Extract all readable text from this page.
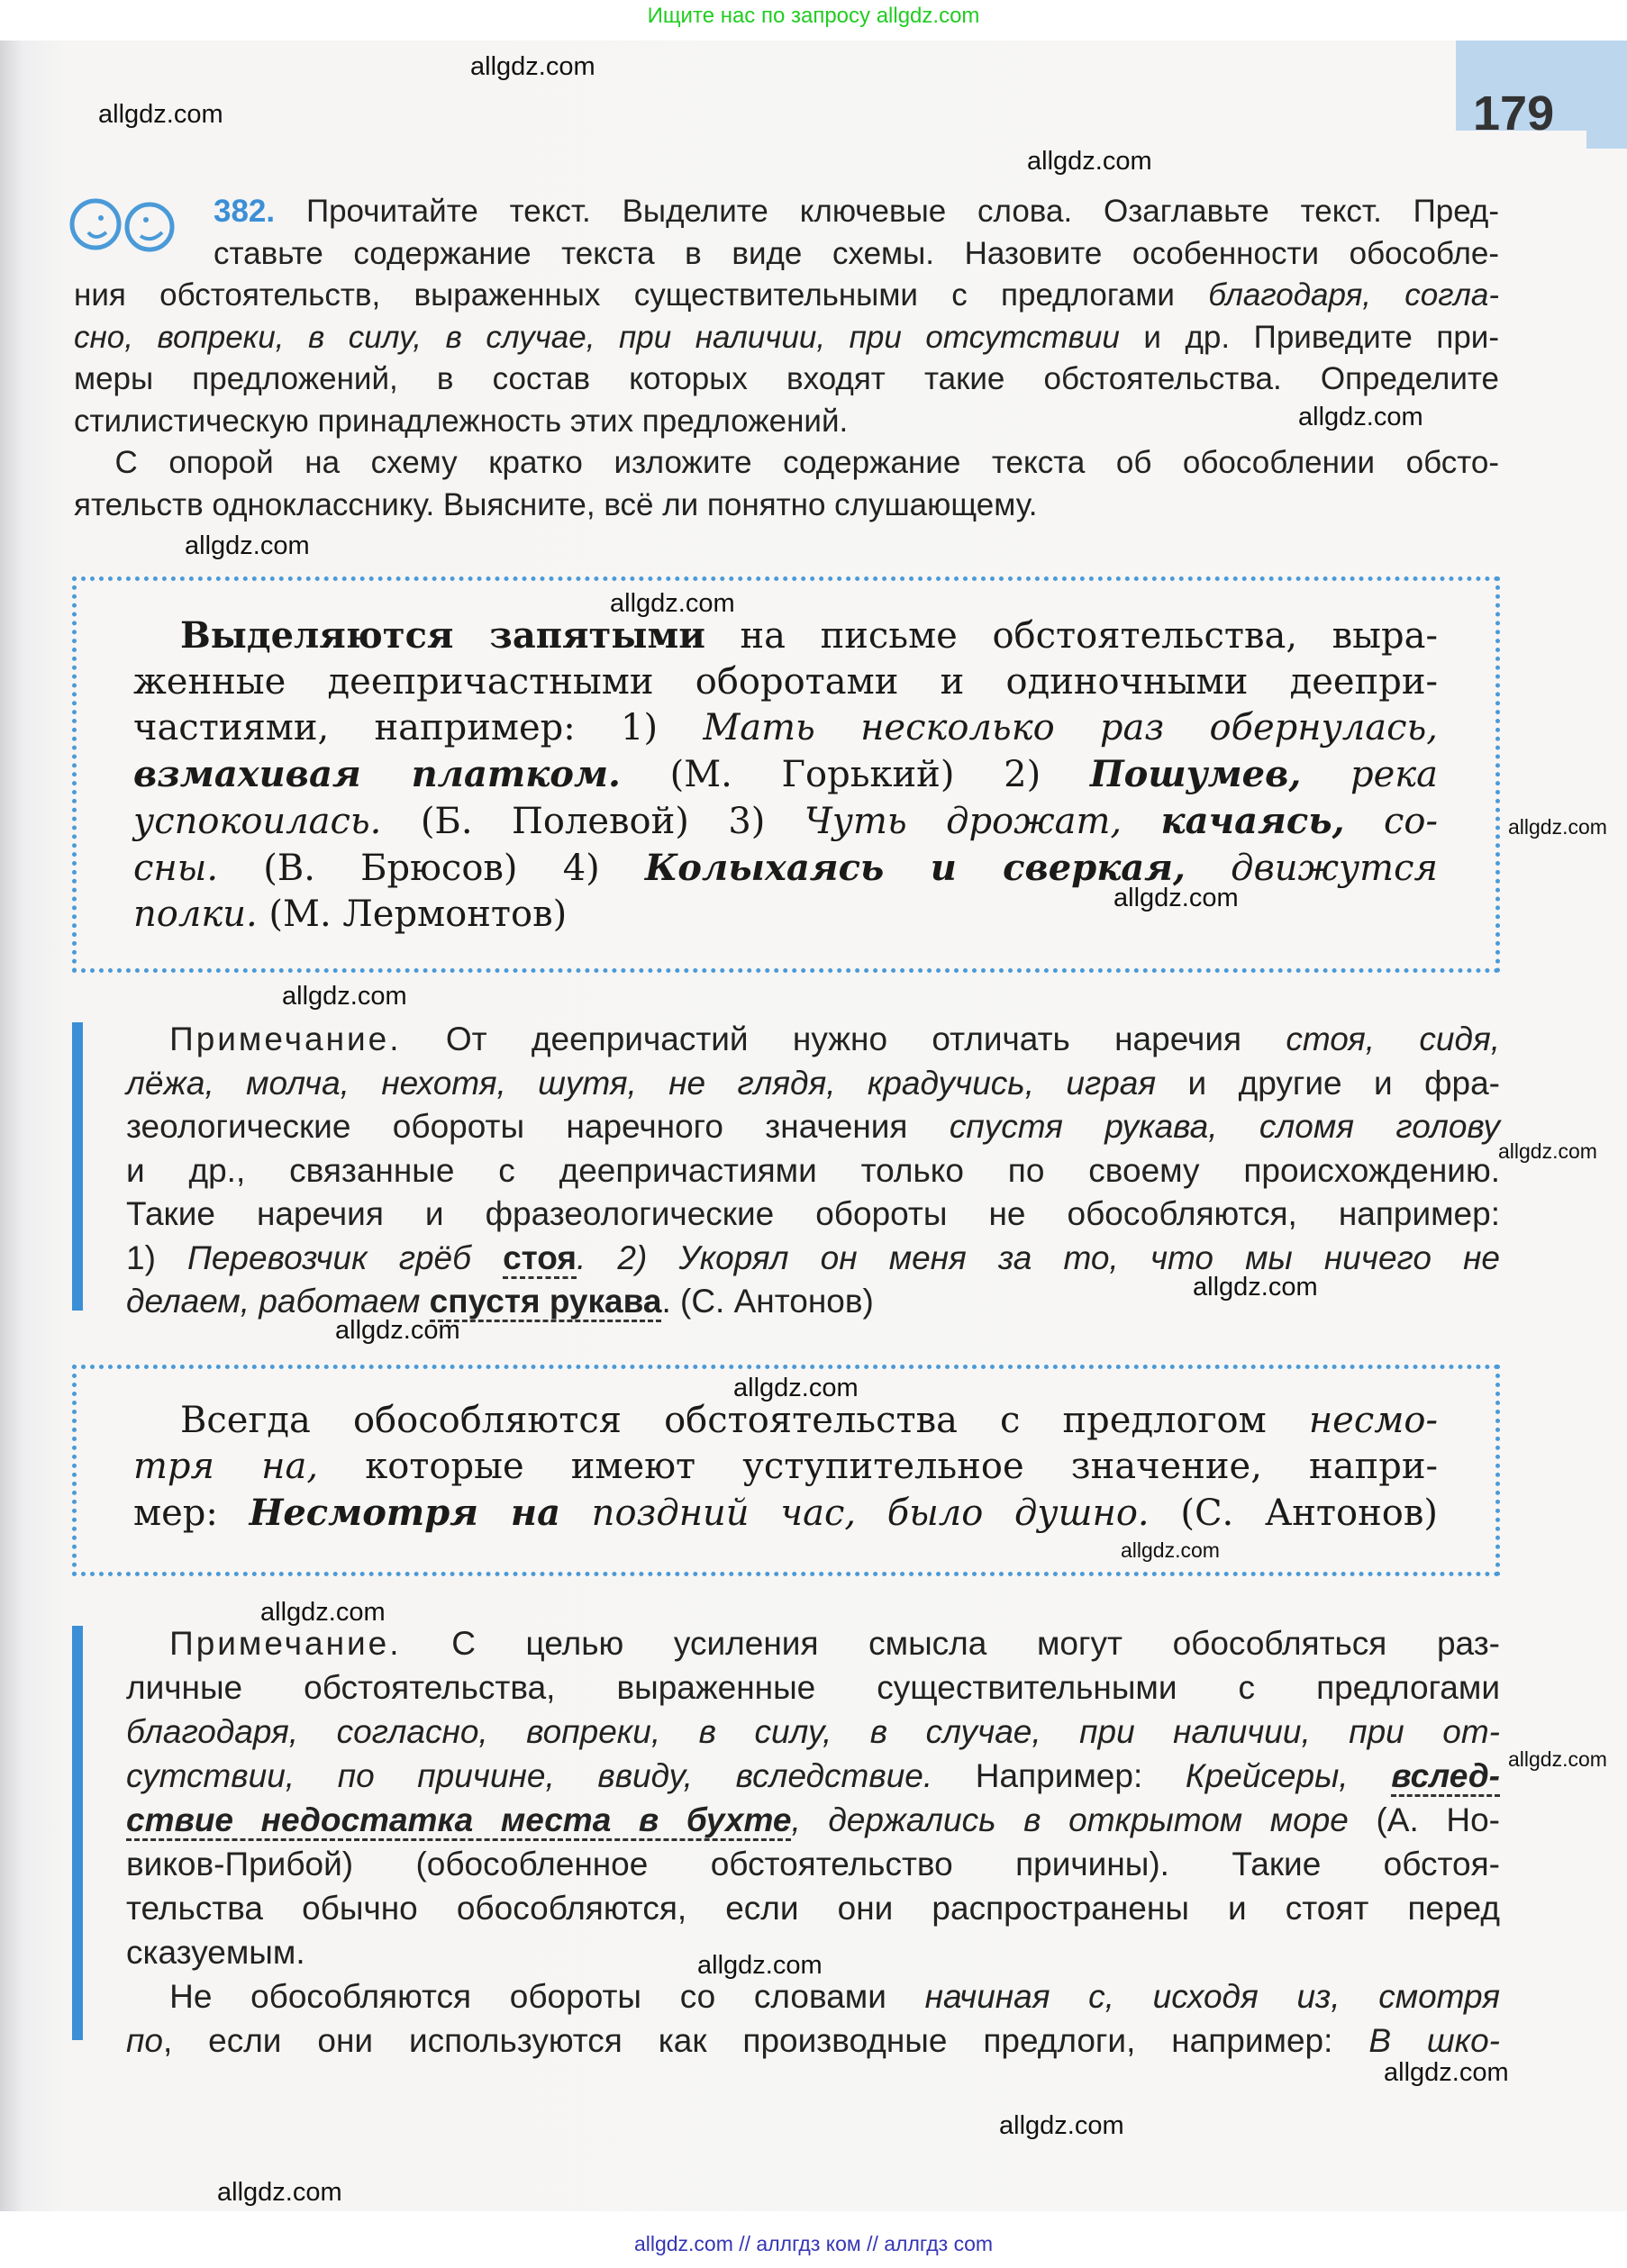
Ищите нас по запросу allgdz.com
179
382. Прочитайте текст. Выделите ключевые слова. Озаглавьте текст. Пред-
ставьте содержание текста в виде схемы. Назовите особенности обособле-
ния обстоятельств, выраженных существительными с предлогами благодаря, согла-
сно, вопреки, в силу, в случае, при наличии, при отсутствии и др. Приведите при-
меры предложений, в состав которых входят такие обстоятельства. Определите
стилистическую принадлежность этих предложений.
С опорой на схему кратко изложите содержание текста об обособлении обсто-
ятельств однокласснику. Выясните, всё ли понятно слушающему.
Выделяются запятыми на письме обстоятельства, выра-
женные деепричастными оборотами и одиночными деепри-
частиями, например: 1) Мать несколько раз обернулась,
взмахивая платком. (М. Горький) 2) Пошумев, река
успокоилась. (Б. Полевой) 3) Чуть дрожат, качаясь, со-
сны. (В. Брюсов) 4) Колыхаясь и сверкая, движутся
полки. (М. Лермонтов)
Примечание. От деепричастий нужно отличать наречия стоя, сидя,
лёжа, молча, нехотя, шутя, не глядя, крадучись, играя и другие и фра-
зеологические обороты наречного значения спустя рукава, сломя голову
и др., связанные с деепричастиями только по своему происхождению.
Такие наречия и фразеологические обороты не обособляются, например:
1) Перевозчик грёб стоя. 2) Укорял он меня за то, что мы ничего не
делаем, работаем спустя рукава. (С. Антонов)
Всегда обособляются обстоятельства с предлогом несмо-
тря на, которые имеют уступительное значение, напри-
мер: Несмотря на поздний час, было душно. (С. Антонов)
Примечание. С целью усиления смысла могут обособляться раз-
личные обстоятельства, выраженные существительными с предлогами
благодаря, согласно, вопреки, в силу, в случае, при наличии, при от-
сутствии, по причине, ввиду, вследствие. Например: Крейсеры, вслед-
ствие недостатка места в бухте, держались в открытом море (А. Но-
виков-Прибой) (обособленное обстоятельство причины). Такие обстоя-
тельства обычно обособляются, если они распространены и стоят перед
сказуемым.
Не обособляются обороты со словами начиная с, исходя из, смотря
по, если они используются как производные предлоги, например: В шко-
allgdz.com
allgdz.com
allgdz.com
allgdz.com
allgdz.com
allgdz.com
allgdz.com
allgdz.com
allgdz.com
allgdz.com
allgdz.com
allgdz.com
allgdz.com
allgdz.com
allgdz.com
allgdz.com
allgdz.com
allgdz.com
allgdz.com
allgdz.com
allgdz.com // аллгдз ком // аллгдз com
